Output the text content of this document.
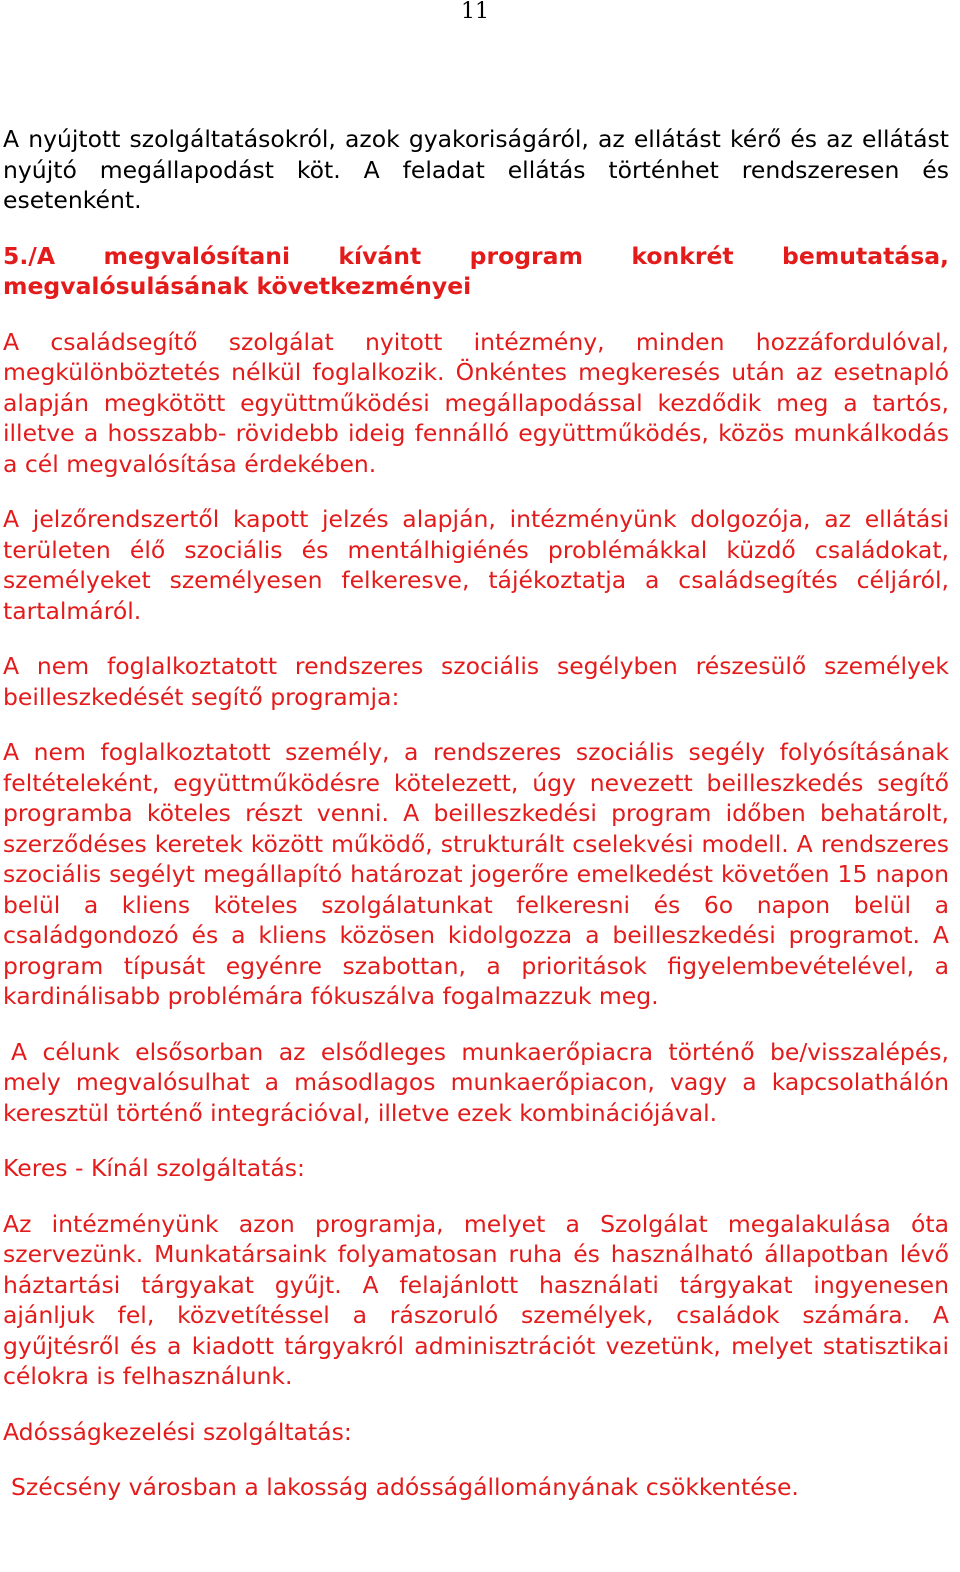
11

A nyújtott szolgáltatásokról, azok gyakoriságáról, az ellátást kérő és az ellátást nyújtó megállapodást köt. A feladat ellátás történhet rendszeresen és esetenként.

5./A megvalósítani kívánt program konkrét bemutatása,
megvalósulásának következményei

A családsegítő szolgálat nyitott intézmény, minden hozzáfordulóval, megkülönböztetés nélkül foglalkozik. Önkéntes megkeresés után az esetnapló alapján megkötött együttműködési megállapodással kezdődik meg a tartós, illetve a hosszabb- rövidebb ideig fennálló együttműködés, közös munkálkodás a cél megvalósítása érdekében.

A jelzőrendszertől kapott jelzés alapján, intézményünk dolgozója, az ellátási területen élő szociális és mentálhigiénés problémákkal küzdő családokat, személyeket személyesen felkeresve, tájékoztatja a családsegítés céljáról, tartalmáról.

A nem foglalkoztatott rendszeres szociális segélyben részesülő személyek beilleszkedését segítő programja:

A nem foglalkoztatott személy, a rendszeres szociális segély folyósításának feltételeként, együttműködésre kötelezett, úgy nevezett beilleszkedés segítő programba köteles részt venni. A beilleszkedési program időben behatárolt, szerződéses keretek között működő, strukturált cselekvési modell. A rendszeres szociális segélyt megállapító határozat jogerőre emelkedést követően 15 napon belül a kliens köteles szolgálatunkat felkeresni és 6o napon belül a családgondozó és a kliens közösen kidolgozza a beilleszkedési programot. A program típusát egyénre szabottan, a prioritások figyelembevételével, a kardinálisabb problémára fókuszálva fogalmazzuk meg.

A célunk elsősorban az elsődleges munkaerőpiacra történő be/visszalépés, mely megvalósulhat a másodlagos munkaerőpiacon, vagy a kapcsolathálón keresztül történő integrációval, illetve ezek kombinációjával.

Keres - Kínál szolgáltatás:

Az intézményünk azon programja, melyet a Szolgálat megalakulása óta szervezünk. Munkatársaink folyamatosan ruha és használható állapotban lévő háztartási tárgyakat gyűjt. A felajánlott használati tárgyakat ingyenesen ajánljuk fel, közvetítéssel a rászoruló személyek, családok számára. A gyűjtésről és a kiadott tárgyakról adminisztrációt vezetünk, melyet statisztikai célokra is felhasználunk.

Adósságkezelési szolgáltatás:

Szécsény városban a lakosság adósságállományának csökkentése.
